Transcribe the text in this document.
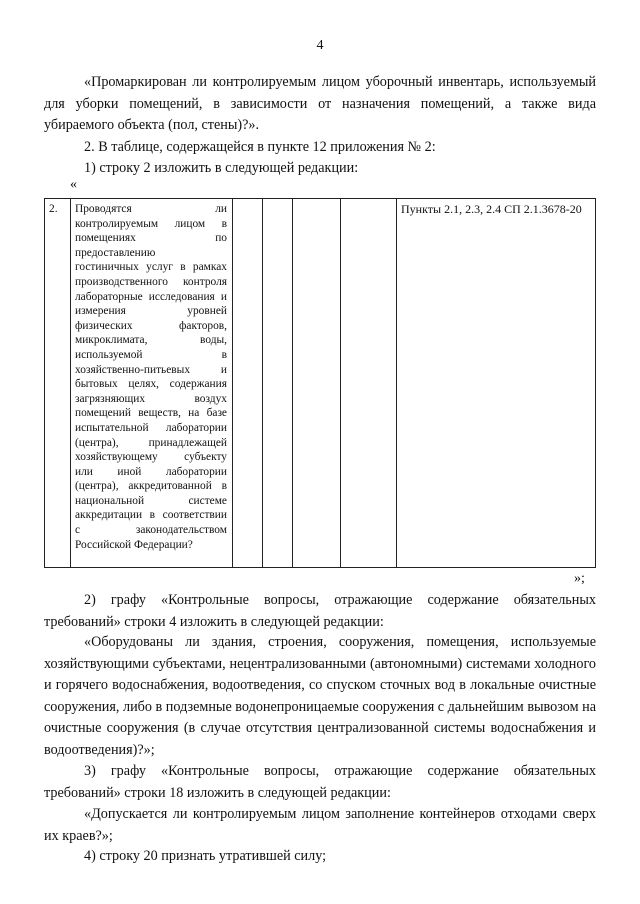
4
«Промаркирован ли контролируемым лицом уборочный инвентарь, используемый для уборки помещений, в зависимости от назначения помещений, а также вида убираемого объекта (пол, стены)?».
2. В таблице, содержащейся в пункте 12 приложения № 2:
1) строку 2 изложить в следующей редакции:
«
2.	Проводятся ли
контролируемым лицом в
помещениях по
предоставлению
гостиничных услуг в рамках
производственного контроля
лабораторные исследования и
измерения уровней
физических факторов,
микроклимата, воды,
используемой в
хозяйственно-питьевых и
бытовых целях, содержания
загрязняющих воздух
помещений веществ, на базе
испытательной лаборатории
(центра), принадлежащей
хозяйствующему субъекту
или иной лаборатории
(центра), аккредитованной в
национальной системе
аккредитации в соответствии
с законодательством
Российской Федерации?
					Пункты 2.1, 2.3, 2.4 СП 2.1.3678-20
»;
2) графу «Контрольные вопросы, отражающие содержание обязательных требований» строки 4 изложить в следующей редакции:
«Оборудованы ли здания, строения, сооружения, помещения, используемые хозяйствующими субъектами, нецентрализованными (автономными) системами холодного и горячего водоснабжения, водоотведения, со спуском сточных вод в локальные очистные сооружения, либо в подземные водонепроницаемые сооружения с дальнейшим вывозом на очистные сооружения (в случае отсутствия централизованной системы водоснабжения и водоотведения)?»;
3) графу «Контрольные вопросы, отражающие содержание обязательных требований» строки 18 изложить в следующей редакции:
«Допускается ли контролируемым лицом заполнение контейнеров отходами сверх их краев?»;
4) строку 20 признать утратившей силу;
